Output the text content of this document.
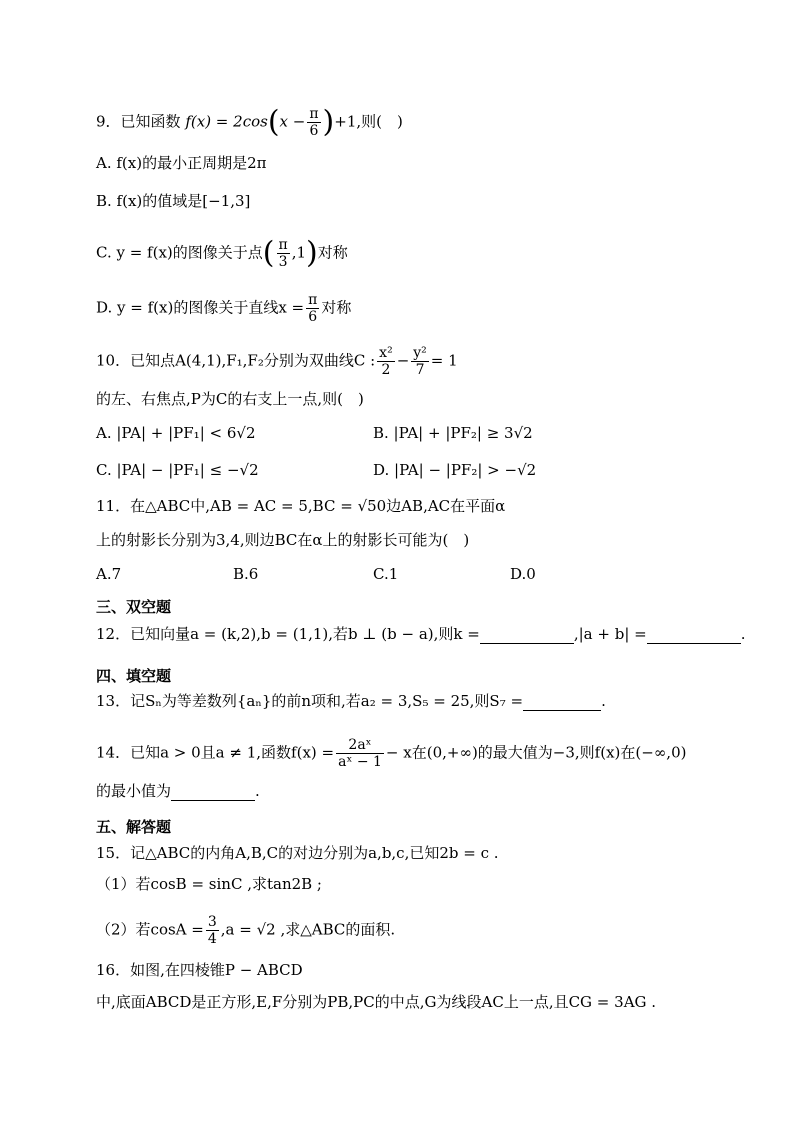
9．已知函数 $f(x) = 2\cos(x - \frac{\pi}{6} )+1$,则(　)
A. f(x)的最小正周期是2π
B. f(x)的值域是[−1,3]
C. y = f(x)的图像关于点( $\frac{\pi}{3} ,1$)对称
D. y = f(x)的图像关于直线$x = \frac{\pi}{6}$ 对称
10．已知点A(4,1),F₁,F₂分别为双曲线C : $\frac{\text{x²}}{2} - \frac{\text{y²}}{7} = 1$
的左、右焦点,P为C的右支上一点,则(　)
A. |PA| + |PF₁| < 6√2	B. |PA| + |PF₂| ≥ 3√2
C. |PA| − |PF₁| ≤ −√2	D. |PA| − |PF₂| > −√2
11．在△ABC中,AB = AC = 5,BC = √50边AB,AC在平面α
上的射影长分别为3,4,则边BC在α上的射影长可能为(　)
A.7	B.6	C.1	D.0
三、双空题
12．已知向量a = (k,2),b = (1,1),若b ⊥ (b − a),则k =	,|a + b| =	.
四、填空题
13．记Sₙ为等差数列{aₙ}的前n项和,若a₂ = 3,S₅ = 25,则S₇ =	.
14．已知a > 0且a ≠ 1,函数$f(x) = \frac{\text{2aˣ}}{\text{aˣ − 1}} - x$在(0,+∞)的最大值为−3,则f(x)在(−∞,0)
的最小值为	.
五、解答题
15．记△ABC的内角A,B,C的对边分别为a,b,c,已知2b = c .
（1）若cosB = sinC ,求tan2B ;
（2）若$\cos A = \frac{3}{4} ,a = √2$ ,求△ABC的面积.
16．如图,在四棱锥P − ABCD
中,底面ABCD是正方形,E,F分别为PB,PC的中点,G为线段AC上一点,且CG = 3AG .
